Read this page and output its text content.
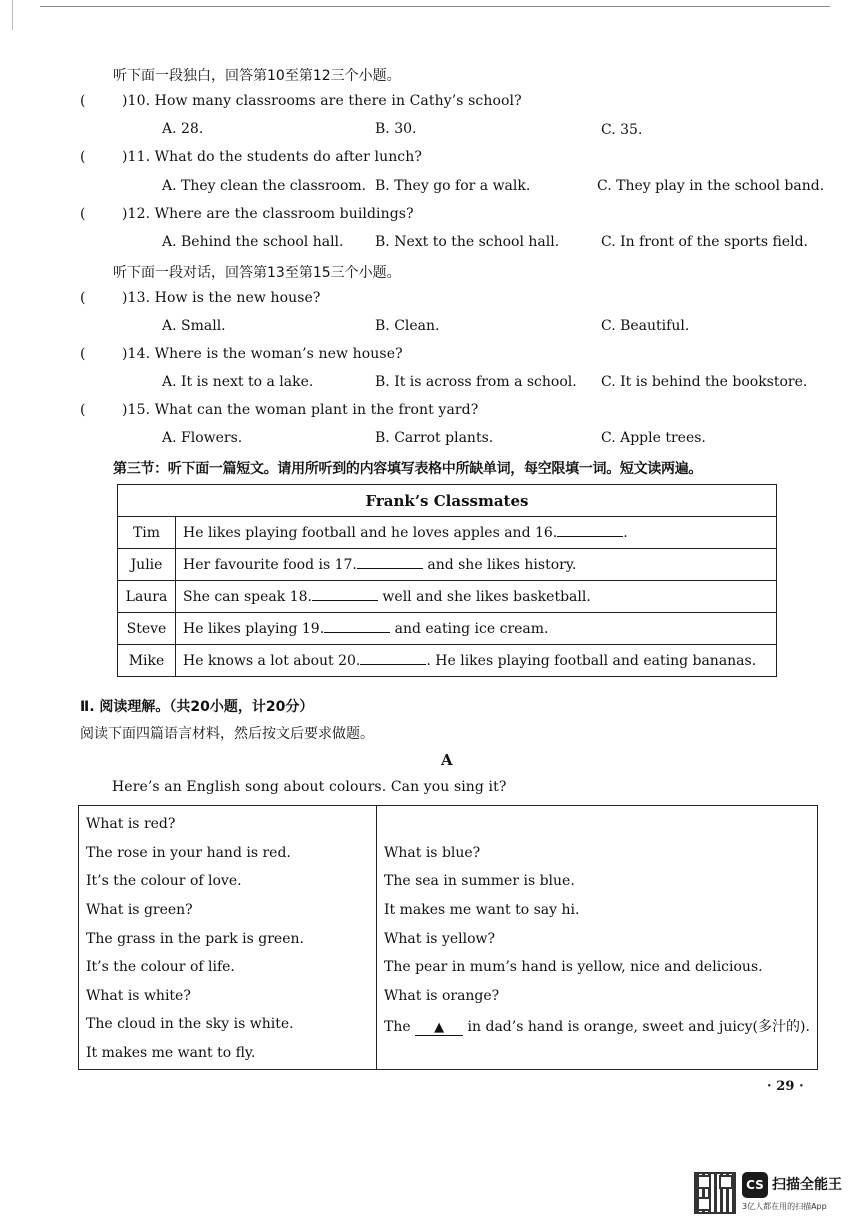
听下面一段独白，回答第10至第12三个小题。
(	)10. How many classrooms are there in Cathy’s school?
A. 28.	B. 30.	C. 35.
(	)11. What do the students do after lunch?
A. They clean the classroom. B. They go for a walk.	C. They play in the school band.
(	)12. Where are the classroom buildings?
A. Behind the school hall. B. Next to the school hall.	C. In front of the sports field.
听下面一段对话，回答第13至第15三个小题。
(	)13. How is the new house?
A. Small.	B. Clean.	C. Beautiful.
(	)14. Where is the woman’s new house?
A. It is next to a lake.	B. It is across from a school. C. It is behind the bookstore.
(	)15. What can the woman plant in the front yard?
A. Flowers.	B. Carrot plants.	C. Apple trees.
第三节：听下面一篇短文。请用所听到的内容填写表格中所缺单词，每空限填一词。短文读两遍。
Frank’s Classmates	
Tim	He likes playing football and he loves apples and 16. .
Julie	Her favourite food is 17. and she likes history.
Laura	She can speak 18. well and she likes basketball.
Steve	He likes playing 19. and eating ice cream.
Mike	He knows a lot about 20. . He likes playing football and eating bananas.
Ⅱ. 阅读理解。（共20小题，计20分）
阅读下面四篇语言材料，然后按文后要求做题。
A
Here’s an English song about colours. Can you sing it?
What is red?
The rose in your hand is red.
It’s the colour of love.
What is green?
The grass in the park is green.
It’s the colour of life.
What is white?
The cloud in the sky is white.
It makes me want to fly.
What is blue?
The sea in summer is blue.
It makes me want to say hi.
What is yellow?
The pear in mum’s hand is yellow, nice and delicious.
What is orange?
The ▲ in dad’s hand is orange, sweet and juicy(多汁的).
· 29 ·
CS 扫描全能王
3亿人都在用的扫描App
